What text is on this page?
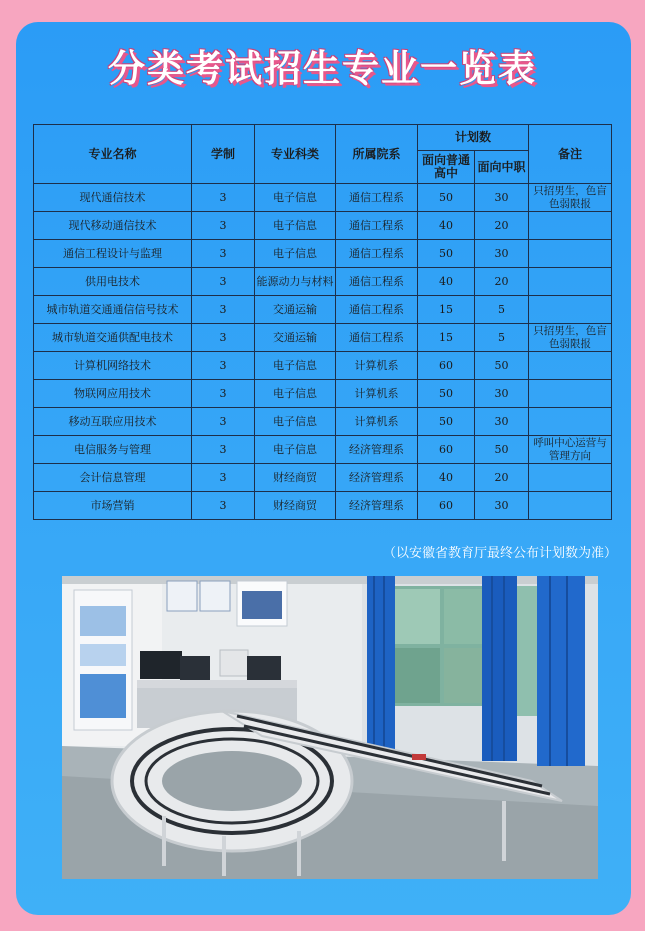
分类考试招生专业一览表
专业名称	学制	专业科类	所属院系	计划数		备注
				面向普通高中	面向中职	
现代通信技术	3	电子信息	通信工程系	50	30	只招男生，色盲色弱限报
现代移动通信技术	3	电子信息	通信工程系	40	20	
通信工程设计与监理	3	电子信息	通信工程系	50	30	
供用电技术	3	能源动力与材料	通信工程系	40	20	
城市轨道交通通信信号技术	3	交通运输	通信工程系	15	5	
城市轨道交通供配电技术	3	交通运输	通信工程系	15	5	只招男生，色盲色弱限报
计算机网络技术	3	电子信息	计算机系	60	50	
物联网应用技术	3	电子信息	计算机系	50	30	
移动互联应用技术	3	电子信息	计算机系	50	30	
电信服务与管理	3	电子信息	经济管理系	60	50	呼叫中心运营与管理方向
会计信息管理	3	财经商贸	经济管理系	40	20	
市场营销	3	财经商贸	经济管理系	60	30	
（以安徽省教育厅最终公布计划数为准）
